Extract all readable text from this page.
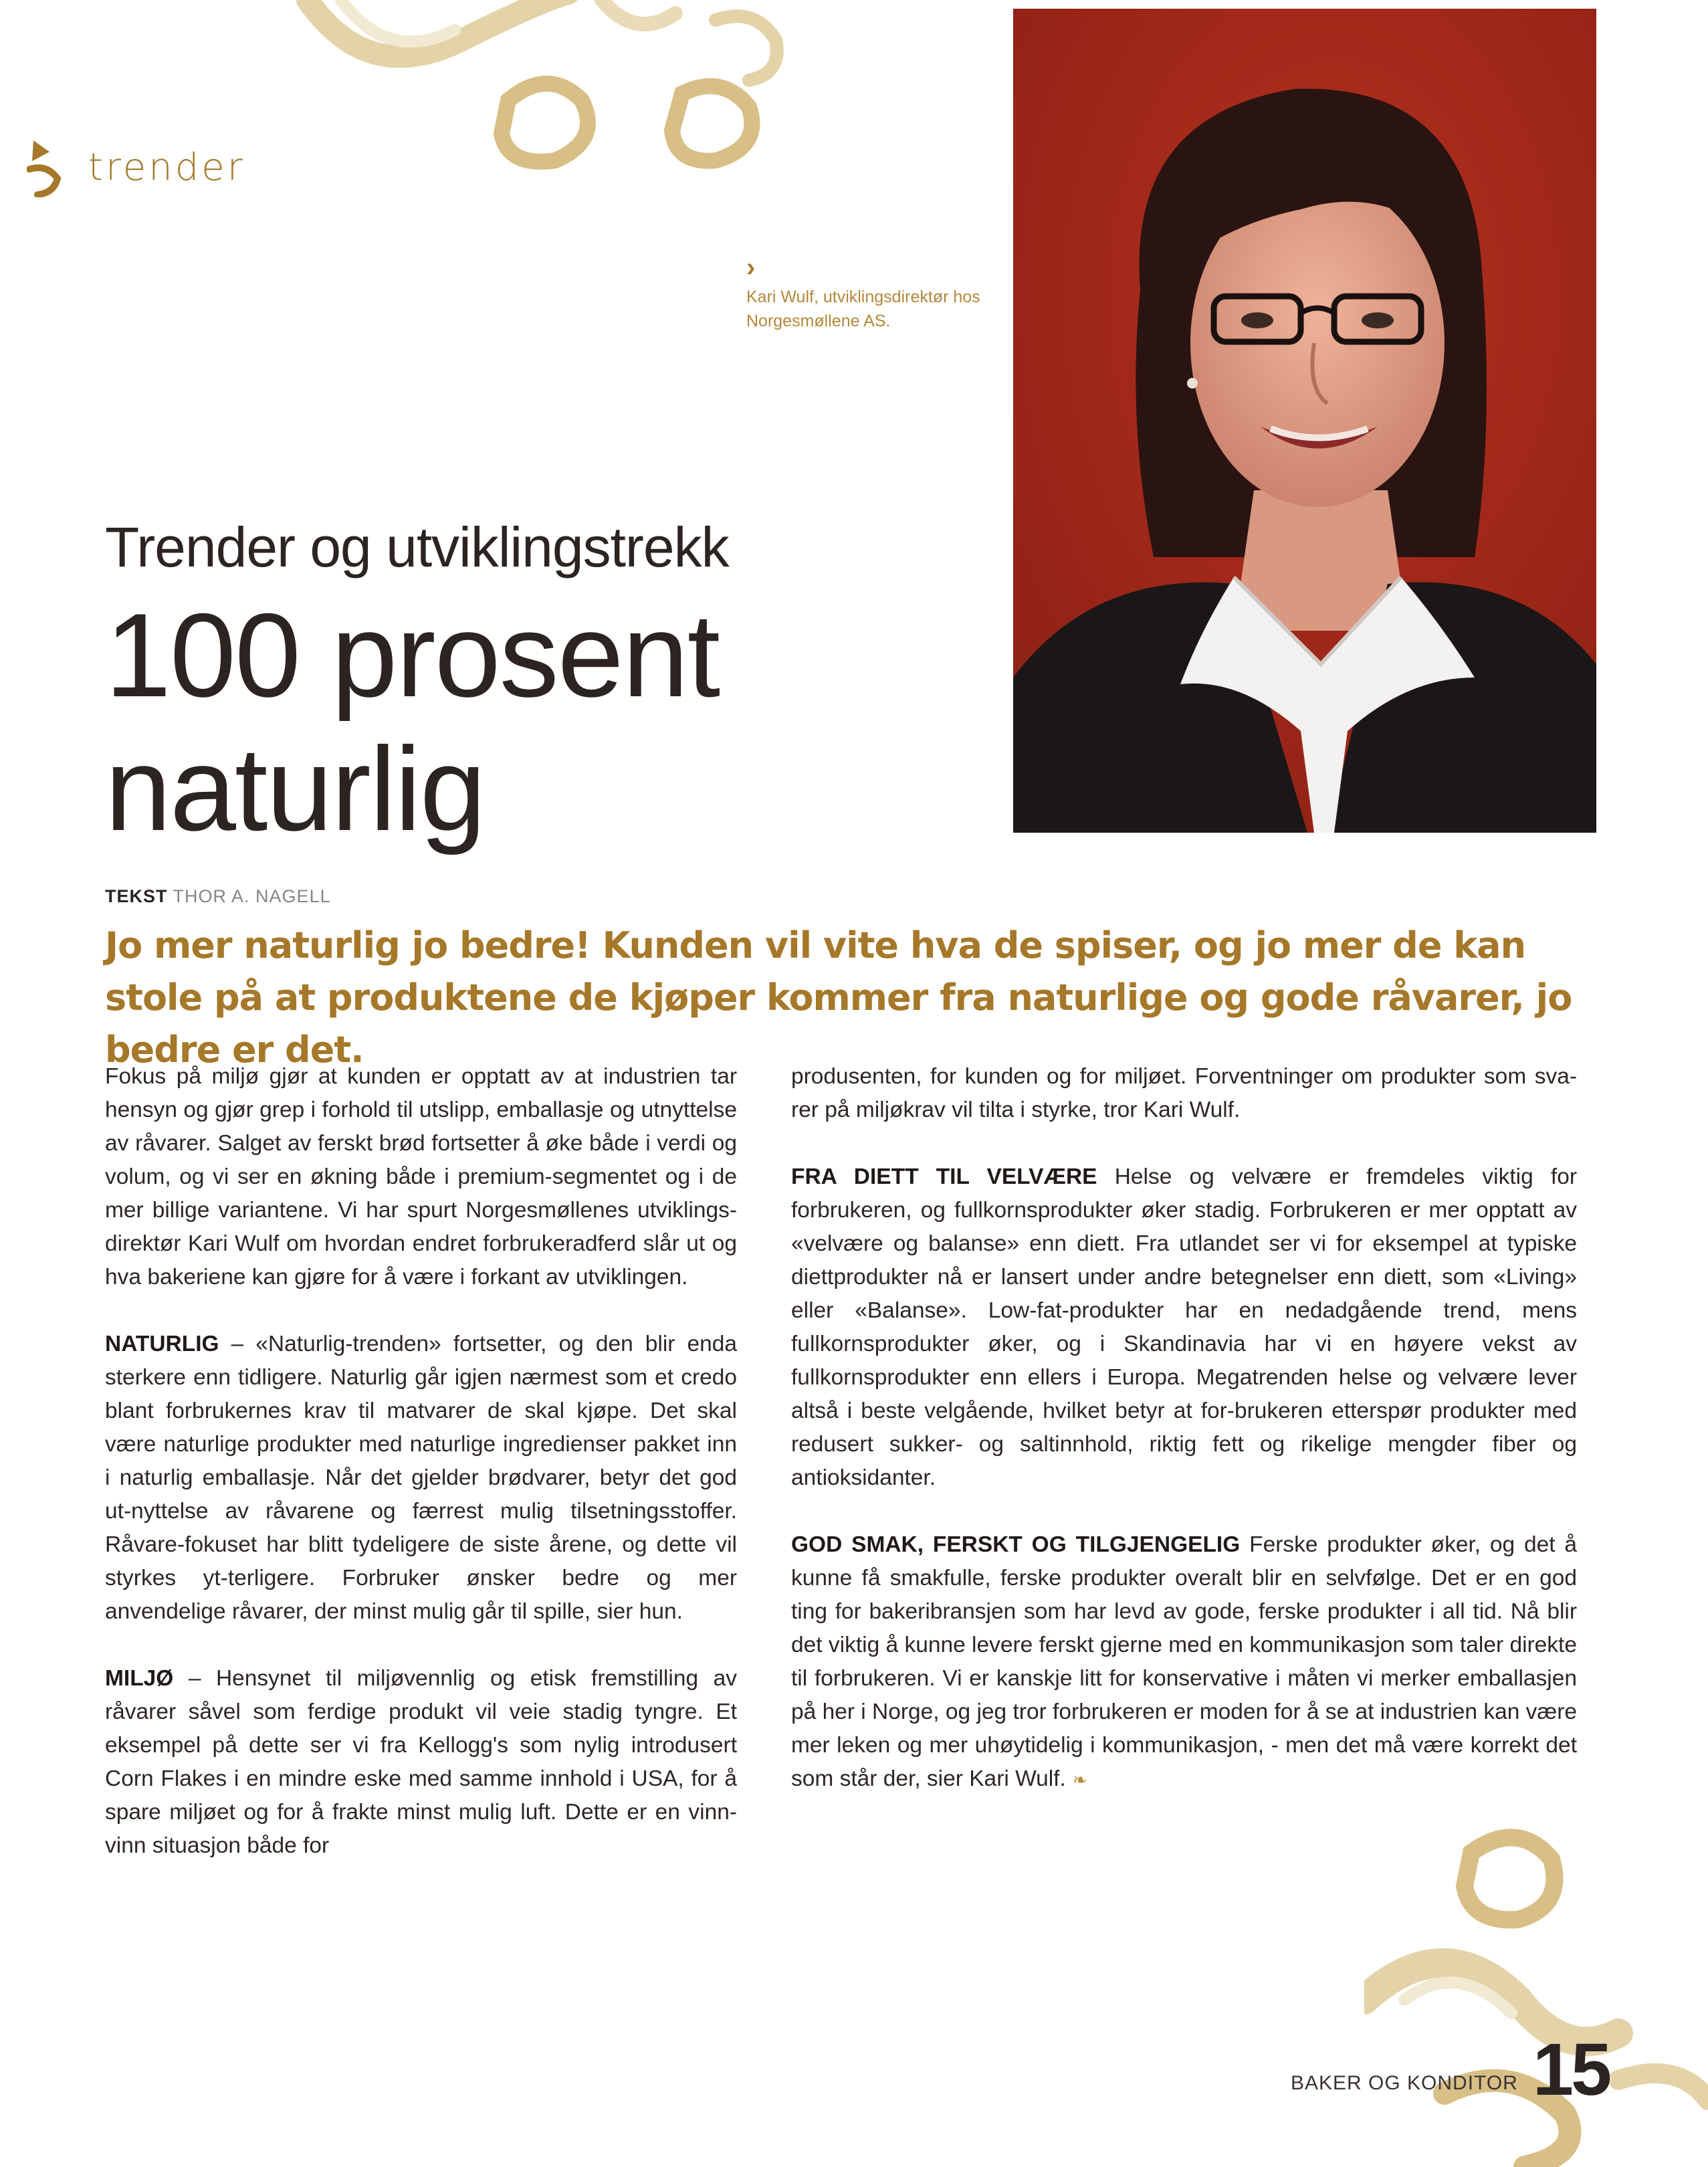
trender
›
Kari Wulf, utviklingsdirektør hos Norgesmøllene AS.
Trender og utviklingstrekk
100 prosent naturlig
TEKST THOR A. NAGELL
Jo mer naturlig jo bedre! Kunden vil vite hva de spiser, og jo mer de kan stole på at produktene de kjøper kommer fra naturlige og gode råvarer, jo bedre er det.

Fokus på miljø gjør at kunden er opptatt av at industrien tar hensyn og gjør grep i forhold til utslipp, emballasje og utnyttelse av råvarer. Salget av ferskt brød fortsetter å øke både i verdi og volum, og vi ser en økning både i premium-segmentet og i de mer billige variantene. Vi har spurt Norgesmøllenes utviklings-direktør Kari Wulf om hvordan endret forbrukeradferd slår ut og hva bakeriene kan gjøre for å være i forkant av utviklingen.

NATURLIG – «Naturlig-trenden» fortsetter, og den blir enda sterkere enn tidligere. Naturlig går igjen nærmest som et credo blant forbrukernes krav til matvarer de skal kjøpe. Det skal være naturlige produkter med naturlige ingredienser pakket inn i naturlig emballasje. Når det gjelder brødvarer, betyr det god ut-nyttelse av råvarene og færrest mulig tilsetningsstoffer. Råvare-fokuset har blitt tydeligere de siste årene, og dette vil styrkes yt-terligere. Forbruker ønsker bedre og mer anvendelige råvarer, der minst mulig går til spille, sier hun.

MILJØ – Hensynet til miljøvennlig og etisk fremstilling av råvarer såvel som ferdige produkt vil veie stadig tyngre. Et eksempel på dette ser vi fra Kellogg's som nylig introdusert Corn Flakes i en mindre eske med samme innhold i USA, for å spare miljøet og for å frakte minst mulig luft. Dette er en vinn-vinn situasjon både for

produsenten, for kunden og for miljøet. Forventninger om produkter som sva-rer på miljøkrav vil tilta i styrke, tror Kari Wulf.

FRA DIETT TIL VELVÆRE Helse og velvære er fremdeles viktig for forbrukeren, og fullkornsprodukter øker stadig. Forbrukeren er mer opptatt av «velvære og balanse» enn diett. Fra utlandet ser vi for eksempel at typiske diettprodukter nå er lansert under andre betegnelser enn diett, som «Living» eller «Balanse». Low-fat-produkter har en nedadgående trend, mens fullkornsprodukter øker, og i Skandinavia har vi en høyere vekst av fullkornsprodukter enn ellers i Europa. Megatrenden helse og velvære lever altså i beste velgående, hvilket betyr at for-brukeren etterspør produkter med redusert sukker- og saltinnhold, riktig fett og rikelige mengder fiber og antioksidanter.

GOD SMAK, FERSKT OG TILGJENGELIG Ferske produkter øker, og det å kunne få smakfulle, ferske produkter overalt blir en selvfølge. Det er en god ting for bakeribransjen som har levd av gode, ferske produkter i all tid. Nå blir det viktig å kunne levere ferskt gjerne med en kommunikasjon som taler direkte til forbrukeren. Vi er kanskje litt for konservative i måten vi merker emballasjen på her i Norge, og jeg tror forbrukeren er moden for å se at industrien kan være mer leken og mer uhøytidelig i kommunikasjon, - men det må være korrekt det som står der, sier Kari Wulf. ❧

BAKER OG KONDITOR 15
